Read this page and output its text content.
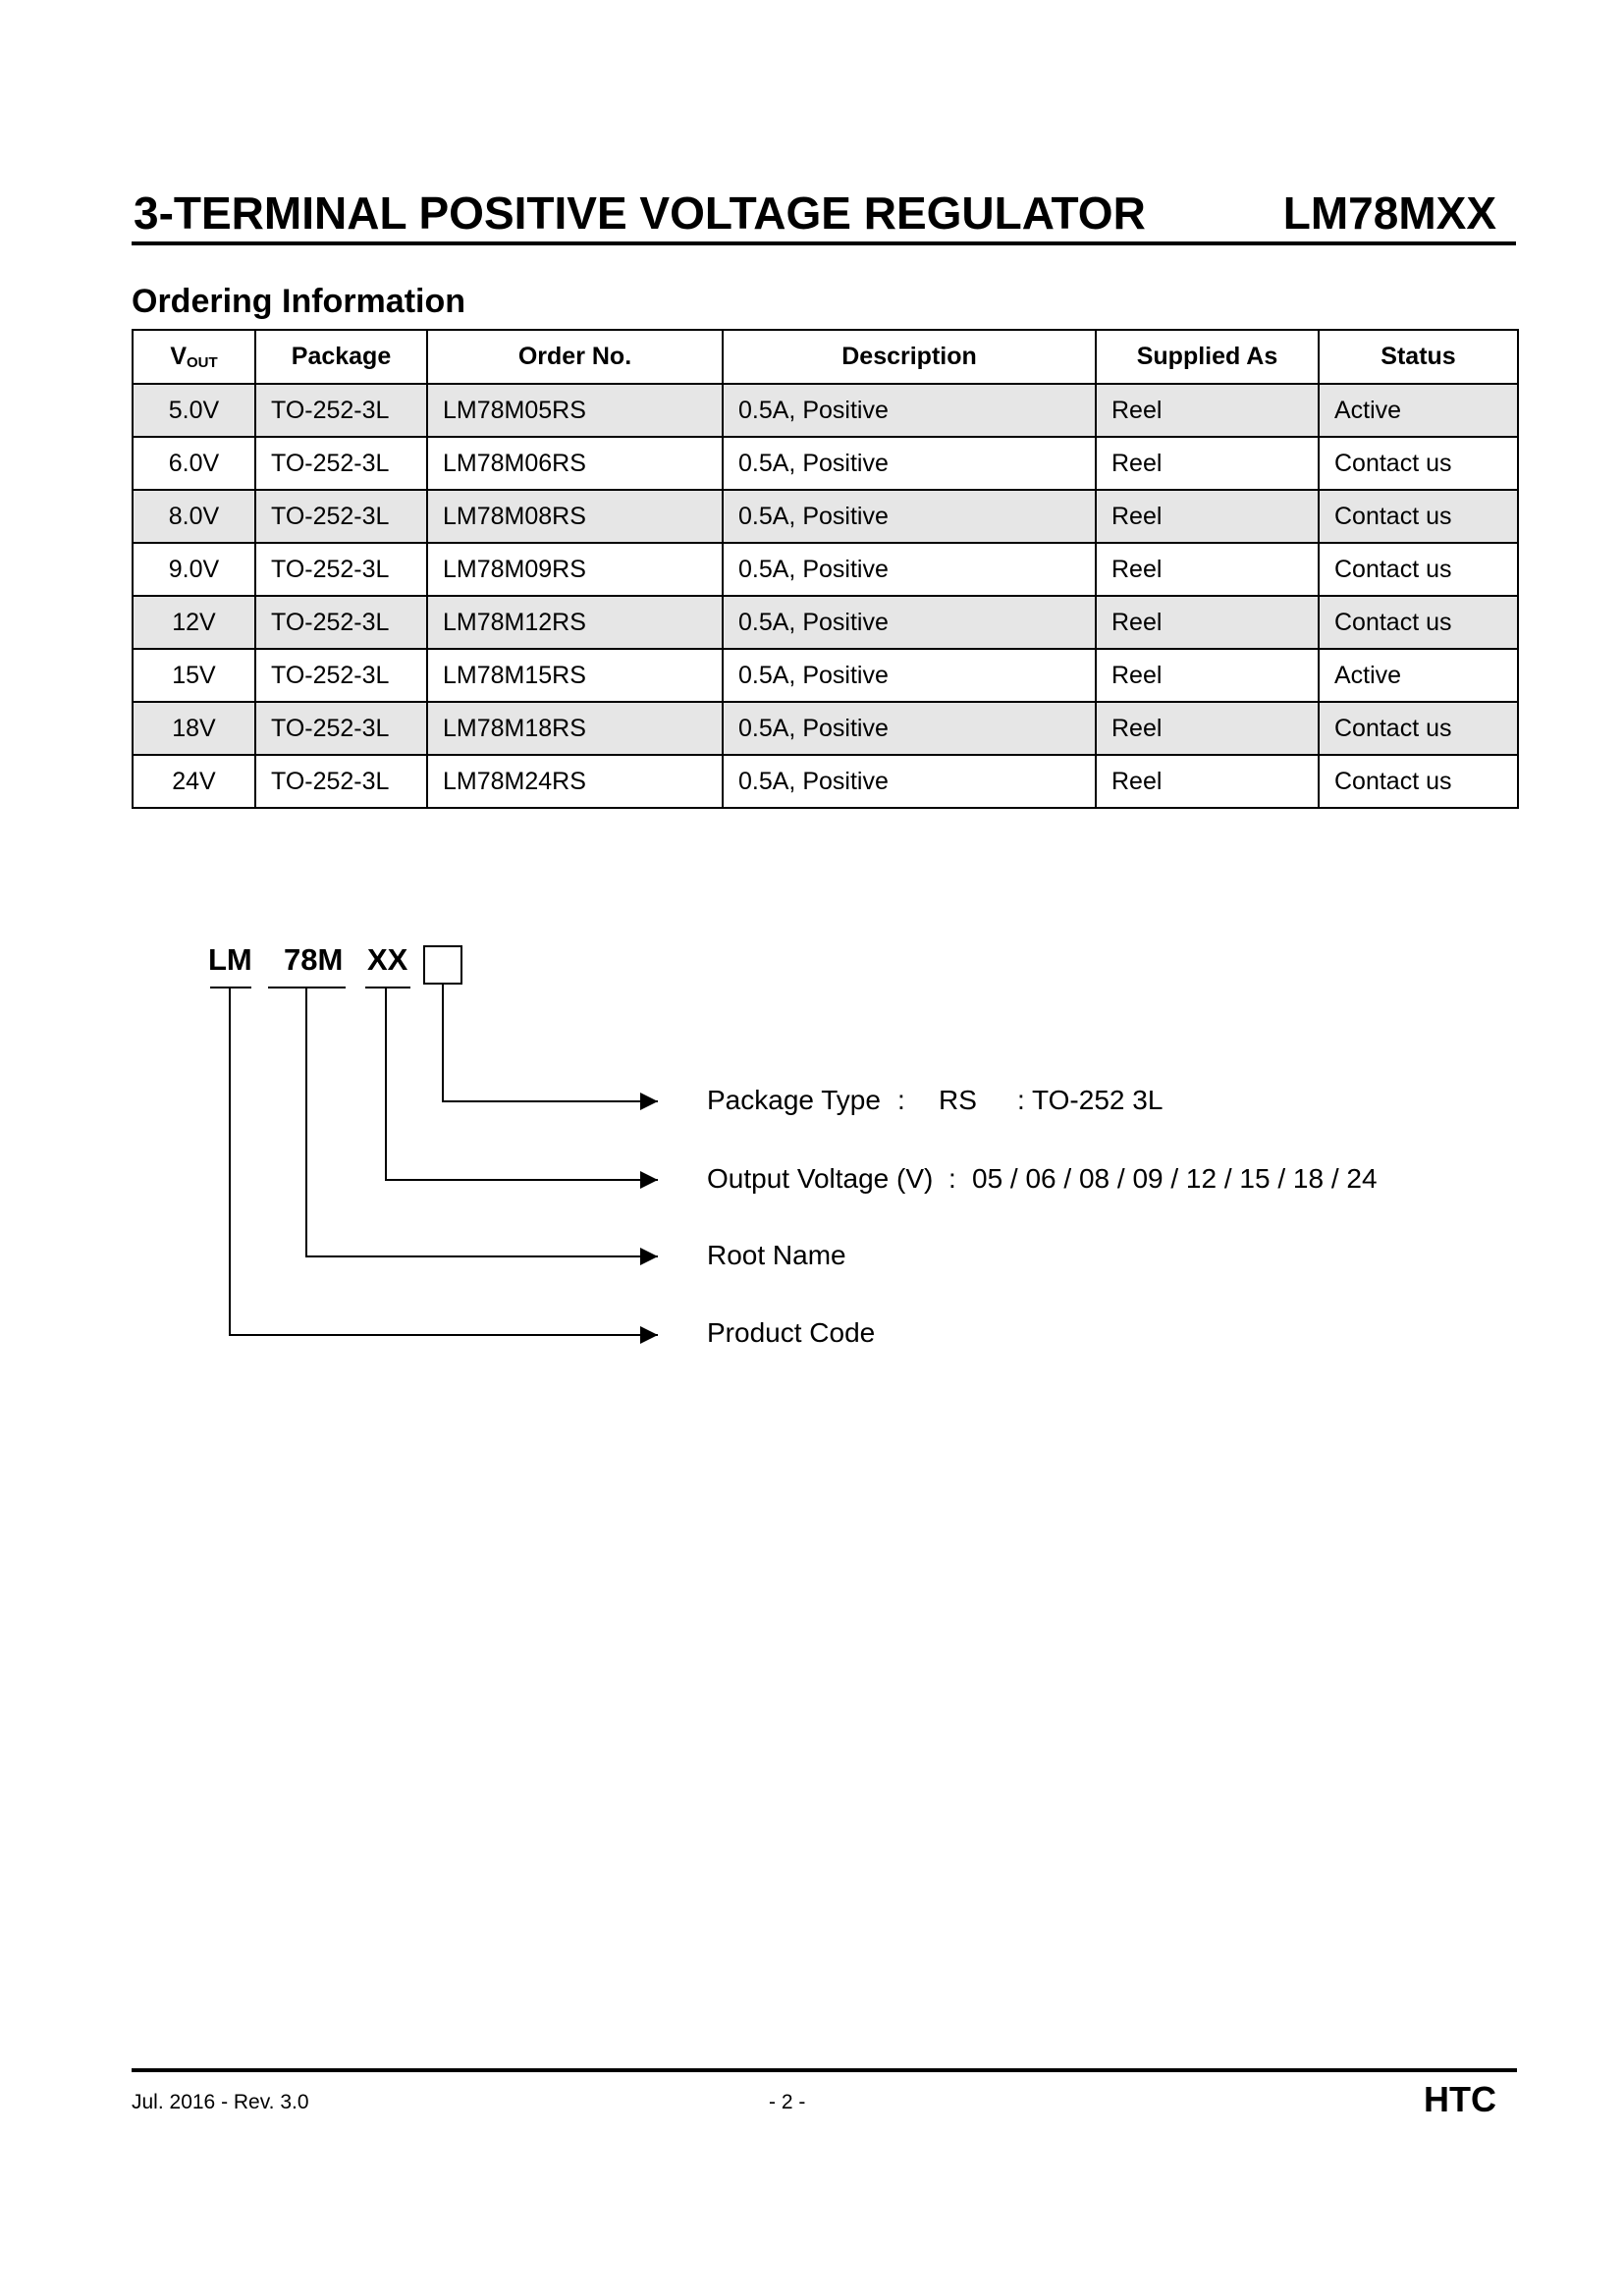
3-TERMINAL POSITIVE VOLTAGE REGULATOR	LM78MXX
Ordering Information
$V_{OUT}$	Package	Order No.	Description	Supplied As	Status
5.0V	TO-252-3L	LM78M05RS	0.5A, Positive	Reel	Active
6.0V	TO-252-3L	LM78M06RS	0.5A, Positive	Reel	Contact us
8.0V	TO-252-3L	LM78M08RS	0.5A, Positive	Reel	Contact us
9.0V	TO-252-3L	LM78M09RS	0.5A, Positive	Reel	Contact us
12V	TO-252-3L	LM78M12RS	0.5A, Positive	Reel	Contact us
15V	TO-252-3L	LM78M15RS	0.5A, Positive	Reel	Active
18V	TO-252-3L	LM78M18RS	0.5A, Positive	Reel	Contact us
24V	TO-252-3L	LM78M24RS	0.5A, Positive	Reel	Contact us
LM 78M XX
Package Type : RS : TO-252 3L
Output Voltage (V) : 05 / 06 / 08 / 09 / 12 / 15 / 18 / 24
Root Name
Product Code
Jul. 2016 - Rev. 3.0	- 2 -	HTC
